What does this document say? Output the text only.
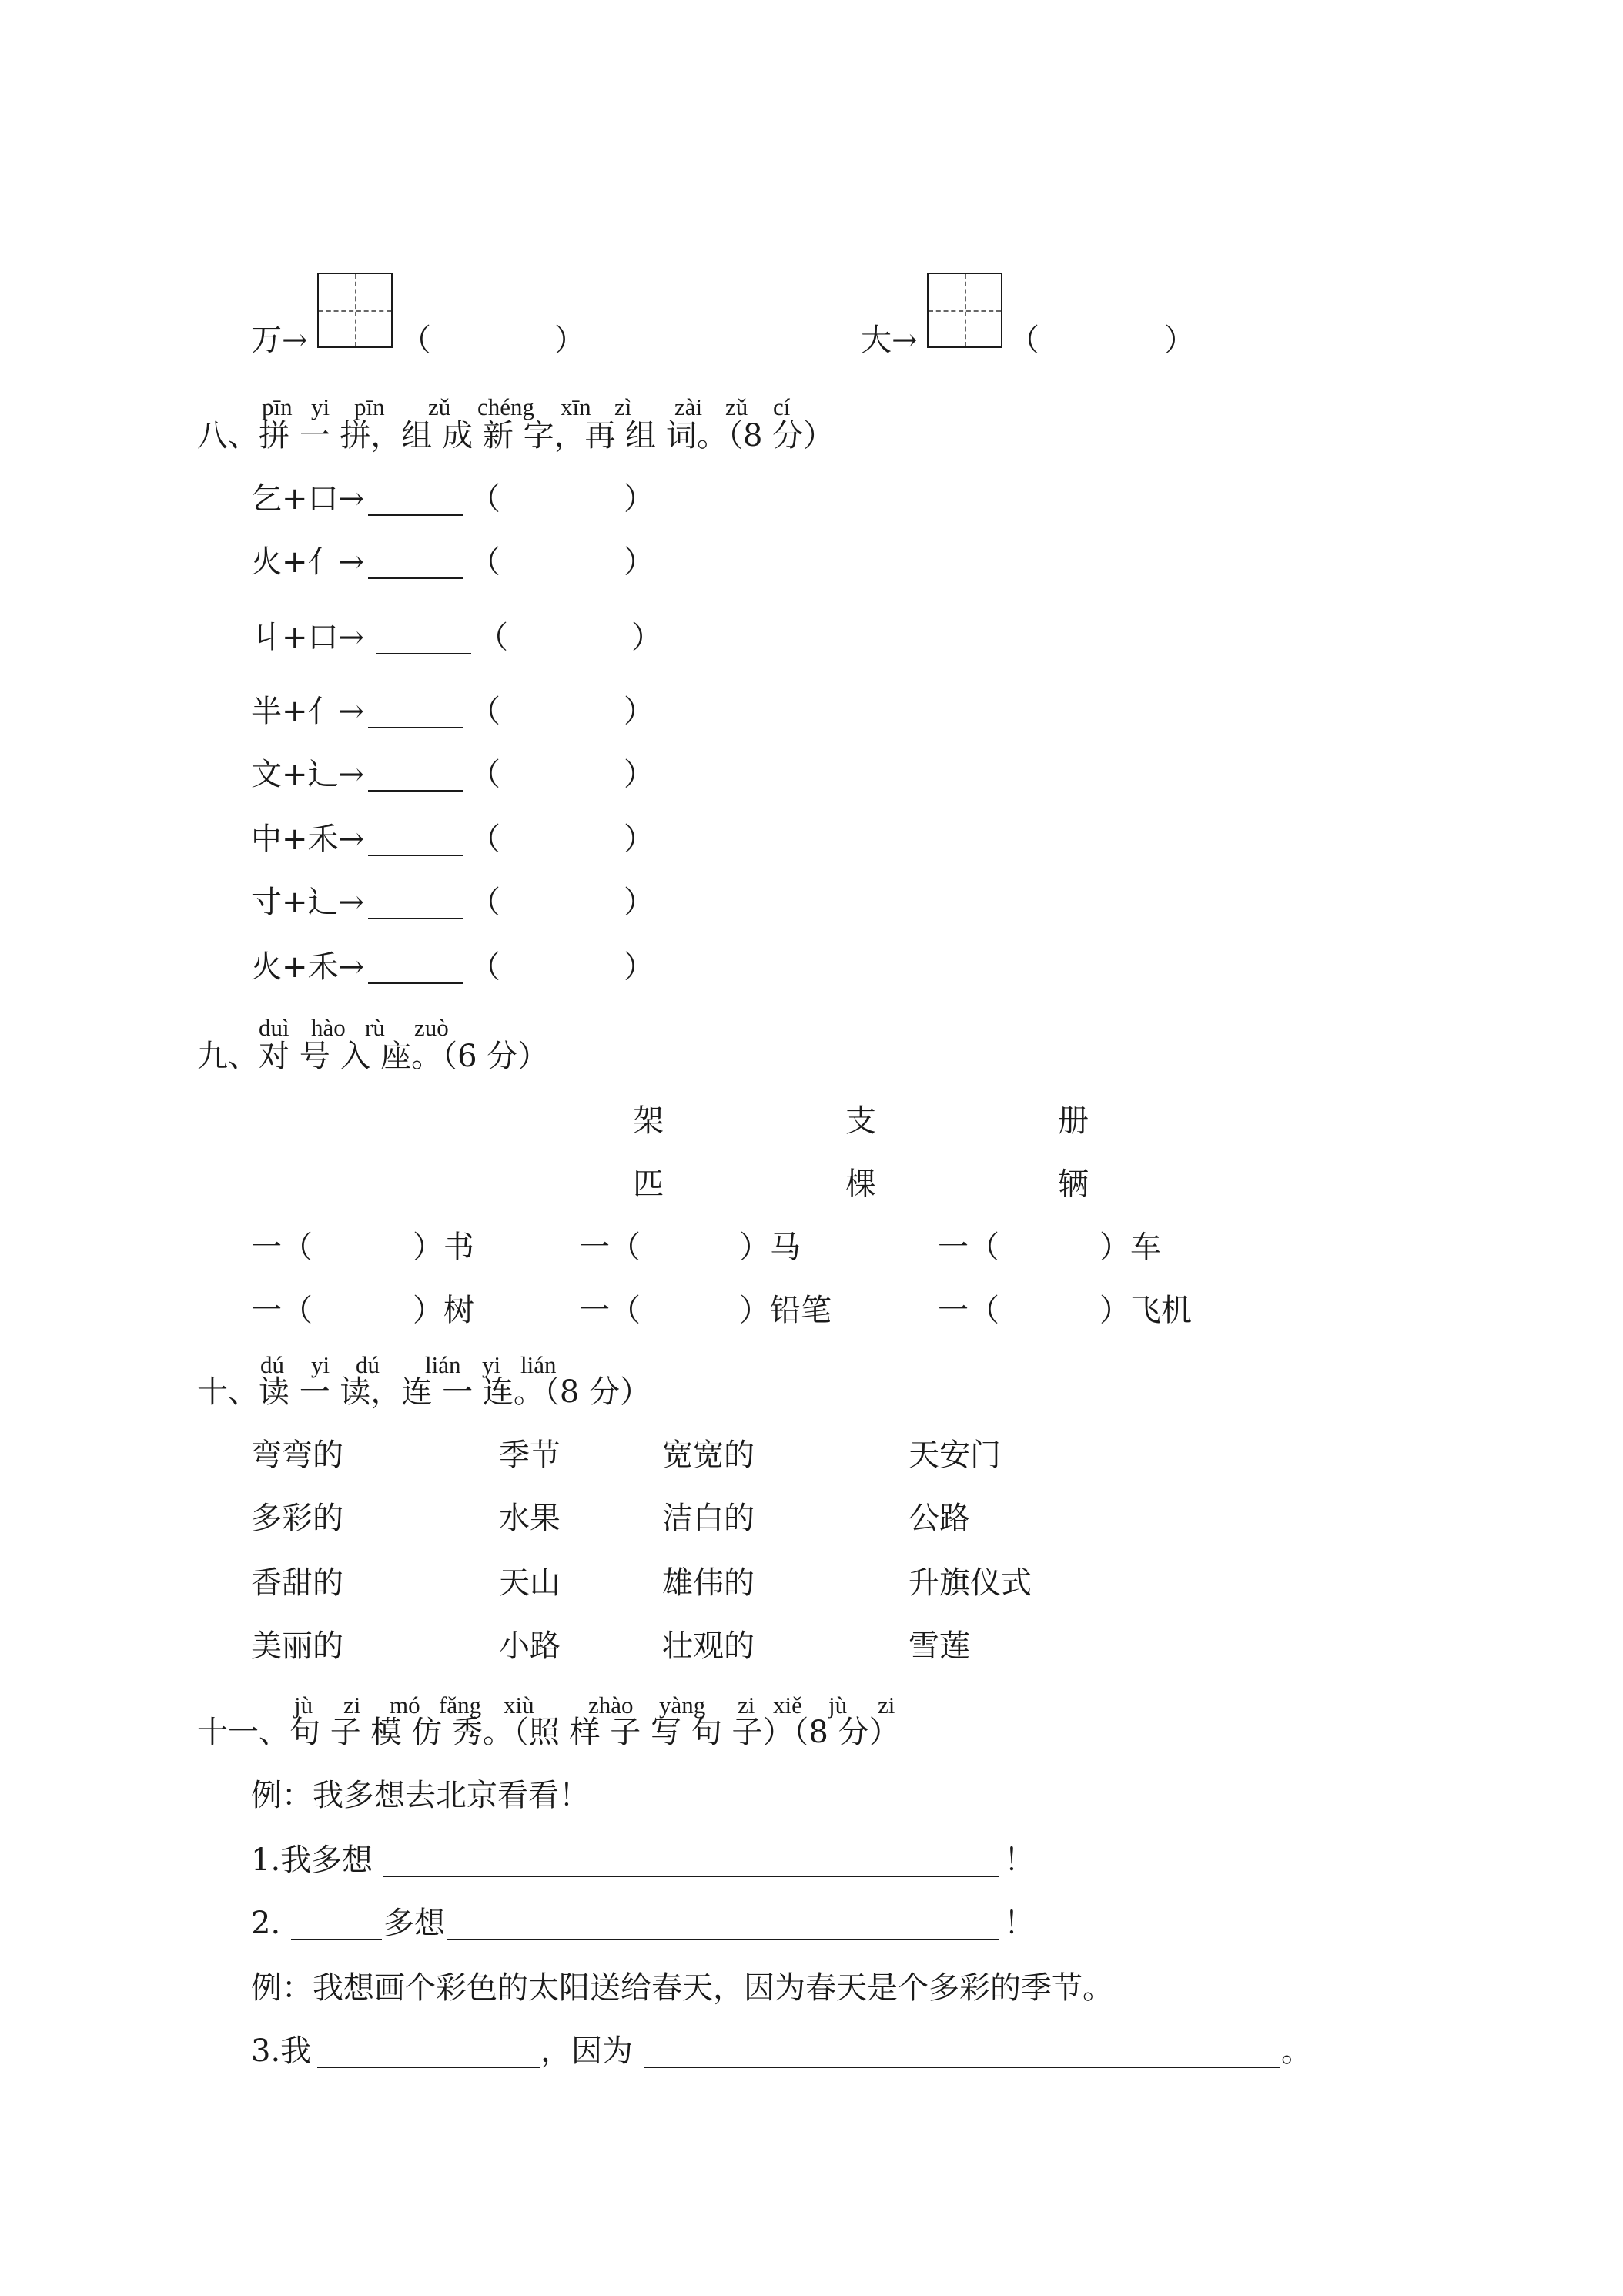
万→	（	）	大→	（	）
pīn yi pīn zǔ chéng xīn zì zài zǔ cí
八、拼 一 拼，组 成 新 字，再 组 词。（8 分）
乞+口→	（	）
火+亻→	（	）
丩+口→	（	）
半+亻→	（	）
文+辶→	（	）
中+禾→	（	）
寸+辶→	（	）
火+禾→	（	）
duì hào rù zuò
九、对 号 入 座。（6 分）
架	支	册
匹	棵	辆
一（	）书	一（	）马	一（	）车
一（	）树	一（	）铅笔	一（	）飞机
dú yi dú lián yi lián
十、读 一 读，连 一 连。（8 分）
弯弯的	季节	宽宽的	天安门
多彩的	水果	洁白的	公路
香甜的	天山	雄伟的	升旗仪式
美丽的	小路	壮观的	雪莲
jù zi mó fǎng xiù zhào yàng zi xiě jù zi
十一、句 子 模 仿 秀。（照 样 子 写 句 子）（8 分）
例：我多想去北京看看！
1.我多想	！
2.	多想	！
例：我想画个彩色的太阳送给春天，因为春天是个多彩的季节。
3.我	，因为	。
